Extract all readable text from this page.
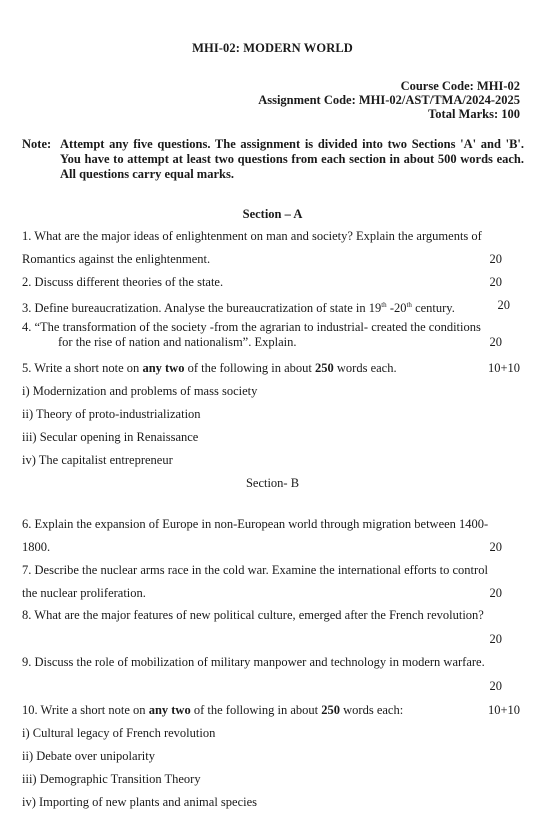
MHI-02: MODERN WORLD
Course Code: MHI-02
Assignment Code: MHI-02/AST/TMA/2024-2025
Total Marks: 100
Note: Attempt any five questions. The assignment is divided into two Sections 'A' and 'B'. You have to attempt at least two questions from each section in about 500 words each. All questions carry equal marks.
Section – A
1. What are the major ideas of enlightenment on man and society? Explain the arguments of
Romantics against the enlightenment.	20
2. Discuss different theories of the state.	20
3. Define bureaucratization. Analyse the bureaucratization of state in 19th -20th century.	20
4. “The transformation of the society -from the agrarian to industrial- created the conditions
for the rise of nation and nationalism”. Explain.	20
5. Write a short note on any two of the following in about 250 words each.	10+10
i) Modernization and problems of mass society
ii) Theory of proto-industrialization
iii) Secular opening in Renaissance
iv) The capitalist entrepreneur
Section- B
6. Explain the expansion of Europe in non-European world through migration between 1400-
1800.	20
7. Describe the nuclear arms race in the cold war. Examine the international efforts to control
the nuclear proliferation.	20
8. What are the major features of new political culture, emerged after the French revolution?
20
9. Discuss the role of mobilization of military manpower and technology in modern warfare.
20
10. Write a short note on any two of the following in about 250 words each:	10+10
i) Cultural legacy of French revolution
ii) Debate over unipolarity
iii) Demographic Transition Theory
iv) Importing of new plants and animal species
